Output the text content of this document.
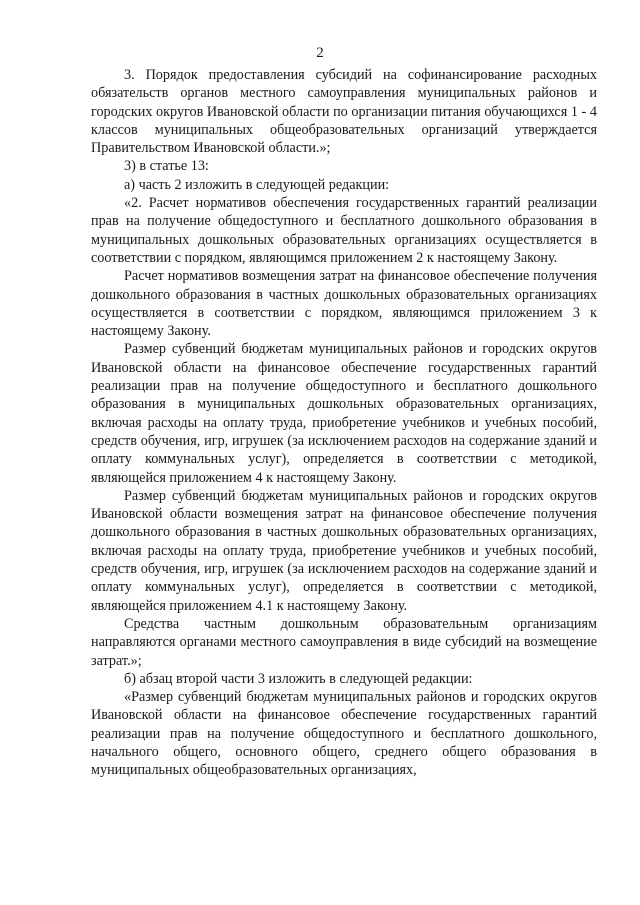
2

3. Порядок предоставления субсидий на софинансирование расходных обязательств органов местного самоуправления муниципальных районов и городских округов Ивановской области по организации питания обучающихся 1 - 4 классов муниципальных общеобразовательных организаций утверждается Правительством Ивановской области.»;

3) в статье 13:

а) часть 2 изложить в следующей редакции:

«2. Расчет нормативов обеспечения государственных гарантий реализации прав на получение общедоступного и бесплатного дошкольного образования в муниципальных дошкольных образовательных организациях осуществляется в соответствии с порядком, являющимся приложением 2 к настоящему Закону.

Расчет нормативов возмещения затрат на финансовое обеспечение получения дошкольного образования в частных дошкольных образовательных организациях осуществляется в соответствии с порядком, являющимся приложением 3 к настоящему Закону.

Размер субвенций бюджетам муниципальных районов и городских округов Ивановской области на финансовое обеспечение государственных гарантий реализации прав на получение общедоступного и бесплатного дошкольного образования в муниципальных дошкольных образовательных организациях, включая расходы на оплату труда, приобретение учебников и учебных пособий, средств обучения, игр, игрушек (за исключением расходов на содержание зданий и оплату коммунальных услуг), определяется в соответствии с методикой, являющейся приложением 4 к настоящему Закону.

Размер субвенций бюджетам муниципальных районов и городских округов Ивановской области возмещения затрат на финансовое обеспечение получения дошкольного образования в частных дошкольных образовательных организациях, включая расходы на оплату труда, приобретение учебников и учебных пособий, средств обучения, игр, игрушек (за исключением расходов на содержание зданий и оплату коммунальных услуг), определяется в соответствии с методикой, являющейся приложением 4.1 к настоящему Закону.

Средства частным дошкольным образовательным организациям направляются органами местного самоуправления в виде субсидий на возмещение затрат.»;

б) абзац второй части 3 изложить в следующей редакции:

«Размер субвенций бюджетам муниципальных районов и городских округов Ивановской области на финансовое обеспечение государственных гарантий реализации прав на получение общедоступного и бесплатного дошкольного, начального общего, основного общего, среднего общего образования в муниципальных общеобразовательных организациях,
